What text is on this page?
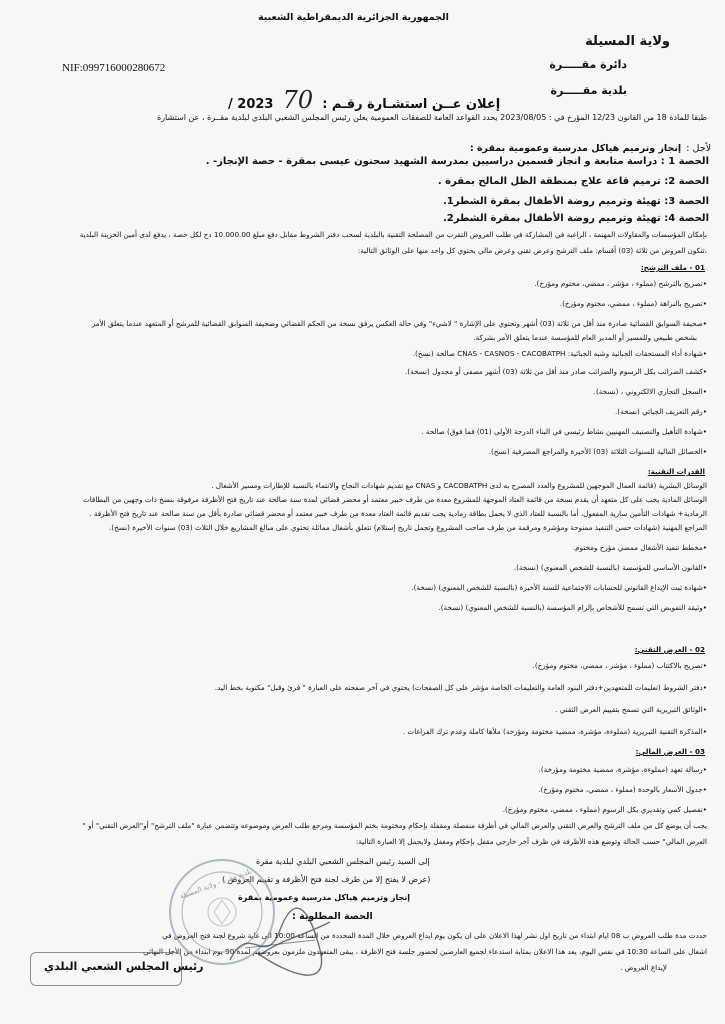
الجمهورية الجزائرية الديمقراطية الشعبية
ولاية المسيلة
دائرة مقـــــرة
بلدية مقـــــرة
NIF:099716000280672
إعلان عــن استشـارة رقـم : 70 2023 /
طبقا للمادة 18 من القانون 12/23 المؤرخ في : 2023/08/05 يحدد القواعد العامة للصفقات العمومية يعلن رئيس المجلس الشعبي البلدي لبلدية مقــرة ، عن استشارة
لأجل : إنجاز وترميم هياكل مدرسية وعمومية بمقرة :
الحصة 1 : دراسة متابعة و انجاز قسمين دراسيين بمدرسة الشهيد سحنون عيسى بمقرة - حصة الإنجاز- .
الحصة 2: ترميم قاعة علاج بمنطقة الظل المالح بمقرة .
الحصة 3: تهيئة وترميم روضة الأطفال بمقرة الشطر1.
الحصة 4: تهيئة وترميم روضة الأطفال بمقرة الشطر2.
بإمكان المؤسسات والمقاولات المهتمة ، الراغبة في المشاركة في طلب العروض التقرب من المصلحة التقنية بالبلدية لسحب دفتر الشروط مقابل دفع مبلغ 10.000.00 دج لكل حصة ، يدفع لدى أمين الخزينة البلدية
،تتكون العروض من ثلاثة (03) أقسام: ملف الترشح وعرض تقني وعرض مالي يحتوي كل واحد منها على الوثائق التالية:
01 - ملف الترشح:
• تصريح بالترشح (مملوء ، مؤشر ، ممضي، مختوم ومؤرخ).
• تصريح بالنزاهة (مملوء ، ممضي، مختوم ومؤرخ).
• صحيفة السوابق القضائية صادرة منذ أقل من ثلاثة (03) أشهر وتحتوي على الإشارة " لاشيء" وفي حالة العكس يرفق نسخة من الحكم القضائي وصحيفة السوابق القضائية للمرشح أو المتعهد عندما يتعلق الأمر
بشخص طبيعي وللمسير أو المدير العام للمؤسسة عندما يتعلق الأمر بشركة.
• شهادة أداء المستحقات الجبائية وشبه الجبائية: CNAS - CASNOS - CACOBATPH صالحة (نسخ).
• كشف الضرائب بكل الرسوم والضرائب صادر منذ أقل من ثلاثة (03) أشهر مصفى أو مجدول (نسخة).
• السجل التجاري الالكتروني ، (نسخة).
• رقم التعريف الجبائي (نسخة).
• شهادة التأهيل والتصنيف المهنيين نشاط رئيسي في البناء الدرجة الأولى (01) فما فوق) صالحة .
• الحصائل المالية للسنوات الثلاثة (03) الأخيرة والمراجع المصرفية (نسخ).
القدرات التقنية:
الوسائل البشرية (قائمة العمال الموجهين للمشروع والعدد المصرح به لدى CACOBATPH و CNAS مع تقديم شهادات النجاح والانتماء بالنسبة للإطارات ومسير الأشغال .
الوسائل المادية يجب على كل متعهد أن يقدم نسخة من قائمة العتاد الموجهة للمشروع معدة من طرف خبير معتمد أو محضر قضائي لمدة سنة صالحة عند تاريخ فتح الأظرفة مرفوقة بنسخ ذات وجهين من البطاقات
الرمادية+ شهادات التأمين سارية المفعول، أما بالنسبة للعتاد الذي لا يحمل بطاقة رمادية يجب تقديم قائمة العتاد معدة من طرف خبير معتمد أو محضر قضائي صادرة بأقل من سنة صالحة عند تاريخ فتح الأظرفة .
المراجع المهنية (شهادات حسن التنفيذ ممنوحة ومؤشرة ومرقمة من طرف صاحب المشروع وتحمل تاريخ إستلام) تتعلق بأشغال مماثلة تحتوي على مبالغ المشاريع خلال الثلاث (03) سنوات الأخيرة (نسخ).
• مخطط تنفيذ الأشغال ممضي مؤرخ ومختوم.
• القانون الأساسي للمؤسسة (بالنسبة للشخص المعنوي) (نسخة).
• شهادة ثبت الإيداع القانوني للحسابات الاجتماعية للسنة الأخيرة (بالنسبة للشخص المعنوي) (نسخة).
• وثيقة التفويض التي تسمح للأشخاص بإلزام المؤسسة (بالنسبة للشخص المعنوي) (نسخة).
02 - العرض التقني:
• تصريح بالاكتتاب (مملوء ، مؤشر ، ممضي، مختوم ومؤرخ).
• دفتر الشروط (تعليمات للمتعهدين+دفتر البنود العامة والتعليمات الخاصة مؤشر على كل الصفحات) يحتوي في آخر صفحته على العبارة " قرئ وقبل" مكتوبة بخط اليد.
• الوثائق التبريرية التي تسمح بتقييم العرض التقني .
• المذكرة التقنية التبريرية (مملوءة، مؤشرة، ممضية مختومة ومؤرخة) ملأها كاملة وعدم ترك الفراغات .
03 - العرض المالي:
• رسالة تعهد (مملوءة، مؤشرة، ممضية مختومة ومؤرخة).
• جدول الأسعار بالوحدة (مملوء ، ممضي، مختوم ومؤرخ).
• تفصيل كمي وتقديري بكل الرسوم (مملوء ، ممضي، مختوم ومؤرخ).
يجب أن يوضع كل من ملف الترشح والعرض التقني والعرض المالي في أظرفة منفصلة ومقفلة بإحكام ومختومة بختم المؤسسة ومرجع طلب العرض وموضوعه وتتضمن عبارة "ملف الترشح" أو"العرض التقني" أو "
العرض المالي" حسب الحالة وتوضع هذه الأظرفة في ظرف آخر خارجي مقفل بإحكام ومغفل ولايحمل إلا العبارة التالية:
إلى السيد رئيس المجلس الشعبي البلدي لبلدية مقرة
(عرض لا يفتح إلا من طرف لجنة فتح الأظرفة و تقييم العروض )
إنجاز وترميم هياكل مدرسية وعمومية بمقرة
الحصة المطلوبة :
حددت مدة طلب العروض ب 08 ايام ابتداء من تاريخ اول نشر لهذا الاعلان على ان يكون يوم ايداع العروض خلال المدة المحددة من الساعة 10:00 الى غاية شروع لجنة فتح العروض في
اشغال على الساعة 10:30 في نفس اليوم، يعد هذا الاعلان بمثابة استدعاء لجميع العارضين لحضور جلسة فتح الاظرفة ، يبقى المتعهدون ملزمون بعروضهم لمدة 90 يوم ابتداء من الأجل النهائي
لإيداع العروض .
بلدية مقرة - ولاية المسيلة
رئيس المجلس الشعبي البلدي
